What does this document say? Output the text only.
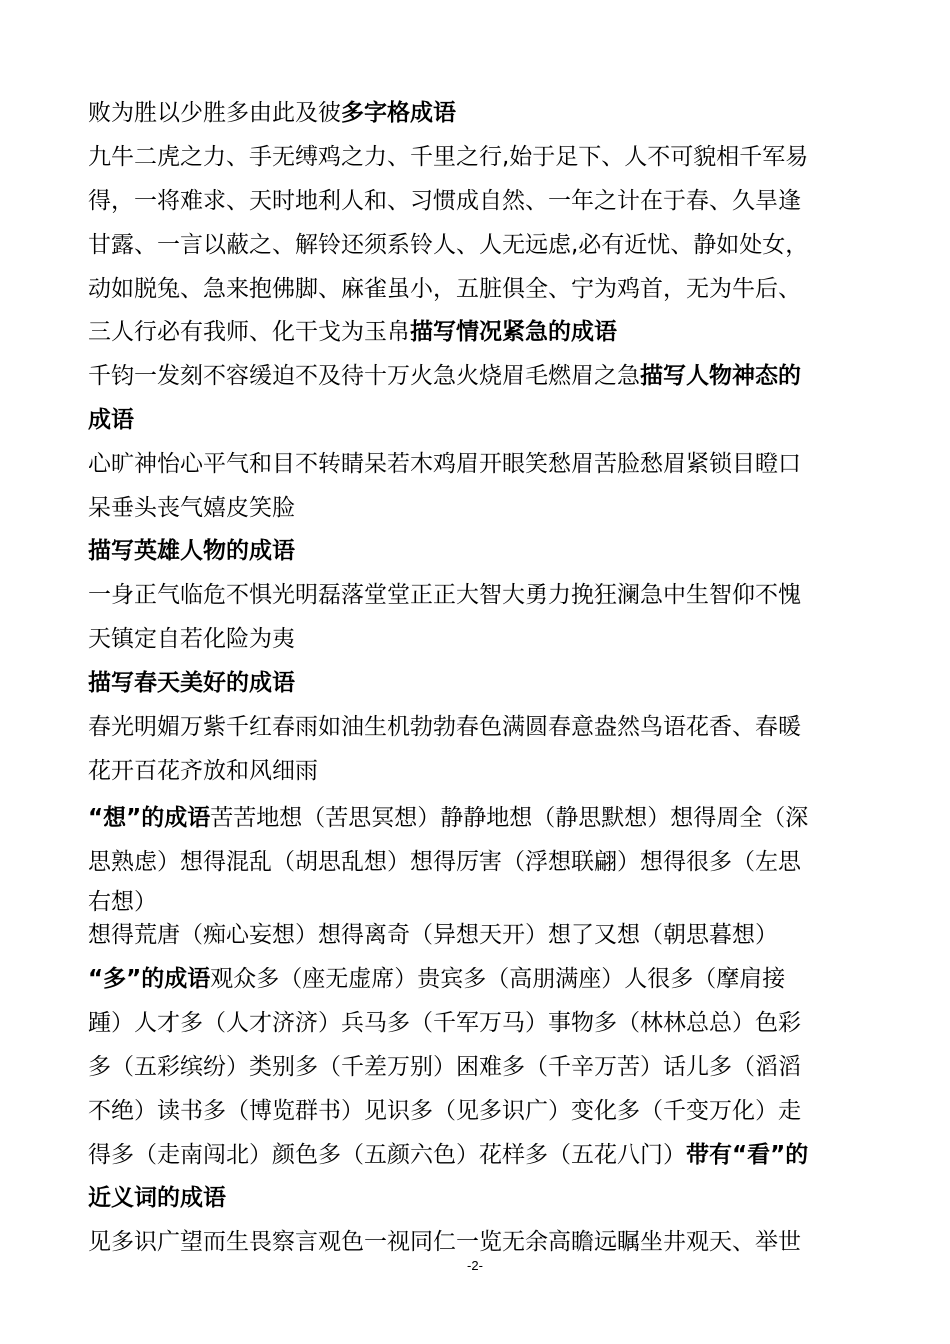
败为胜以少胜多由此及彼多字格成语
九牛二虎之力、手无缚鸡之力、千里之行,始于足下、人不可貌相千军易
得，一将难求、天时地利人和、习惯成自然、一年之计在于春、久旱逢
甘露、一言以蔽之、解铃还须系铃人、人无远虑,必有近忧、静如处女，
动如脱兔、急来抱佛脚、麻雀虽小，五脏俱全、宁为鸡首，无为牛后、
三人行必有我师、化干戈为玉帛描写情况紧急的成语
千钧一发刻不容缓迫不及待十万火急火烧眉毛燃眉之急描写人物神态的
成语
心旷神怡心平气和目不转睛呆若木鸡眉开眼笑愁眉苦脸愁眉紧锁目瞪口
呆垂头丧气嬉皮笑脸
描写英雄人物的成语
一身正气临危不惧光明磊落堂堂正正大智大勇力挽狂澜急中生智仰不愧
天镇定自若化险为夷
描写春天美好的成语
春光明媚万紫千红春雨如油生机勃勃春色满圆春意盎然鸟语花香、春暖
花开百花齐放和风细雨
“想”的成语苦苦地想（苦思冥想）静静地想（静思默想）想得周全（深
思熟虑）想得混乱（胡思乱想）想得厉害（浮想联翩）想得很多（左思
右想）
想得荒唐（痴心妄想）想得离奇（异想天开）想了又想（朝思暮想）
“多”的成语观众多（座无虚席）贵宾多（高朋满座）人很多（摩肩接
踵）人才多（人才济济）兵马多（千军万马）事物多（林林总总）色彩
多（五彩缤纷）类别多（千差万别）困难多（千辛万苦）话儿多（滔滔
不绝）读书多（博览群书）见识多（见多识广）变化多（千变万化）走
得多（走南闯北）颜色多（五颜六色）花样多（五花八门）带有“看”的
近义词的成语
见多识广望而生畏察言观色一视同仁一览无余高瞻远瞩坐井观天、举世
-2-
